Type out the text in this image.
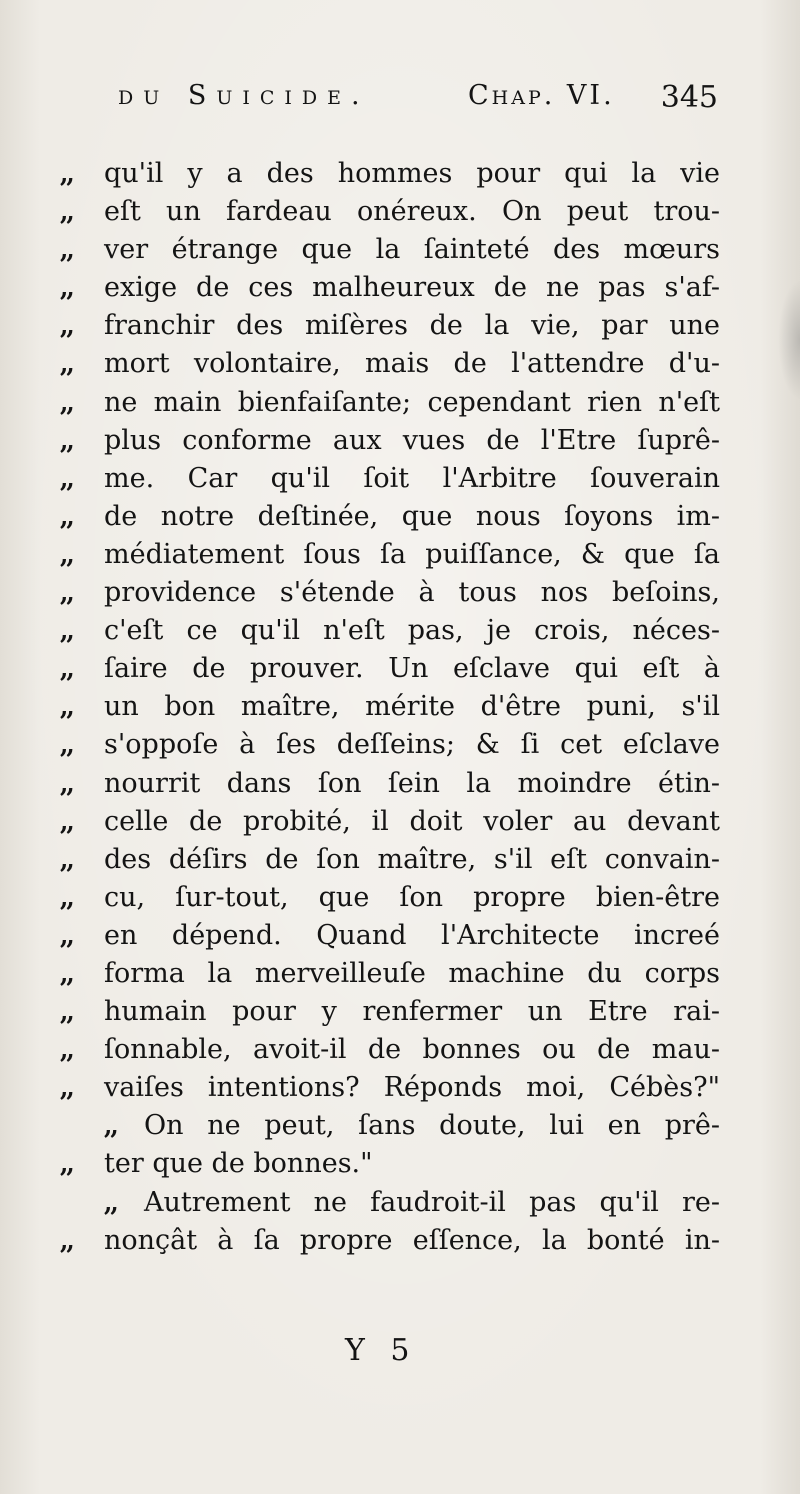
du Suicide.	Chap. VI. 345
,,	qu'il y a des hommes pour qui la vie
,,	eſt un fardeau onéreux. On peut trou-
,,	ver étrange que la ſainteté des mœurs
,,	exige de ces malheureux de ne pas s'af-
,,	franchir des miſères de la vie, par une
,,	mort volontaire, mais de l'attendre d'u-
,,	ne main bienfaiſante; cependant rien n'eſt
,,	plus conforme aux vues de l'Etre ſuprê-
,,	me. Car qu'il ſoit l'Arbitre ſouverain
,,	de notre deſtinée, que nous ſoyons im-
,,	médiatement ſous ſa puiſſance, & que ſa
,,	providence s'étende à tous nos beſoins,
,,	c'eſt ce qu'il n'eſt pas, je crois, néces-
,,	ſaire de prouver. Un eſclave qui eſt à
,,	un bon maître, mérite d'être puni, s'il
,,	s'oppoſe à ſes deſſeins; & ſi cet eſclave
,,	nourrit dans ſon ſein la moindre étin-
,,	celle de probité, il doit voler au devant
,,	des déſirs de ſon maître, s'il eſt convain-
,,	cu, ſur-tout, que ſon propre bien-être
,,	en dépend. Quand l'Architecte increé
,,	forma la merveilleuſe machine du corps
,,	humain pour y renfermer un Etre rai-
,,	ſonnable, avoit-il de bonnes ou de mau-
,,	vaiſes intentions? Réponds moi, Cébès?"
,,	On ne peut, ſans doute, lui en prê-
,,	ter que de bonnes."
,,	Autrement ne faudroit-il pas qu'il re-
,,	nonçât à ſa propre eſſence, la bonté in-
Y 5
